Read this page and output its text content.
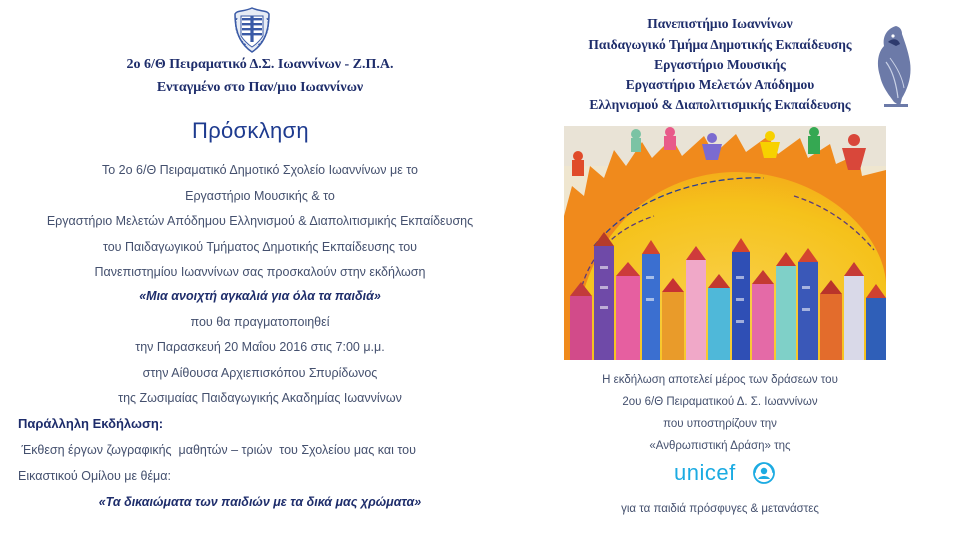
2ο 6/Θ Πειραματικό Δ.Σ. Ιωαννίνων - Ζ.Π.Α.
Ενταγμένο στο Παν/μιο Ιωαννίνων
Πρόσκληση
Το 2ο 6/Θ Πειραματικό Δημοτικό Σχολείο Ιωαννίνων με το
Εργαστήριο Μουσικής & το
Εργαστήριο Μελετών Απόδημου Ελληνισμού & Διαπολιτισμικής Εκπαίδευσης
του Παιδαγωγικού Τμήματος Δημοτικής Εκπαίδευσης του
Πανεπιστημίου Ιωαννίνων σας προσκαλούν στην εκδήλωση
«Μια ανοιχτή αγκαλιά για όλα τα παιδιά»
που θα πραγματοποιηθεί
την Παρασκευή 20 Μαΐου 2016 στις 7:00 μ.μ.
στην Αίθουσα Αρχιεπισκόπου Σπυρίδωνος
της Ζωσιμαίας Παιδαγωγικής Ακαδημίας Ιωαννίνων
Παράλληλη Εκδήλωση:
Έκθεση έργων ζωγραφικής  μαθητών – τριών  του Σχολείου μας και του
Εικαστικού Ομίλου με θέμα:
«Τα δικαιώματα των παιδιών με τα δικά μας χρώματα»
Πανεπιστήμιο Ιωαννίνων
Παιδαγωγικό Τμήμα Δημοτικής Εκπαίδευσης
Εργαστήριο Μουσικής
Εργαστήριο Μελετών Απόδημου
Ελληνισμού & Διαπολιτισμικής Εκπαίδευσης
Η εκδήλωση αποτελεί μέρος των δράσεων του
2ου 6/Θ Πειραματικού Δ. Σ. Ιωαννίνων
που υποστηρίζουν την
«Ανθρωπιστική Δράση» της
unicef
για τα παιδιά πρόσφυγες & μετανάστες
